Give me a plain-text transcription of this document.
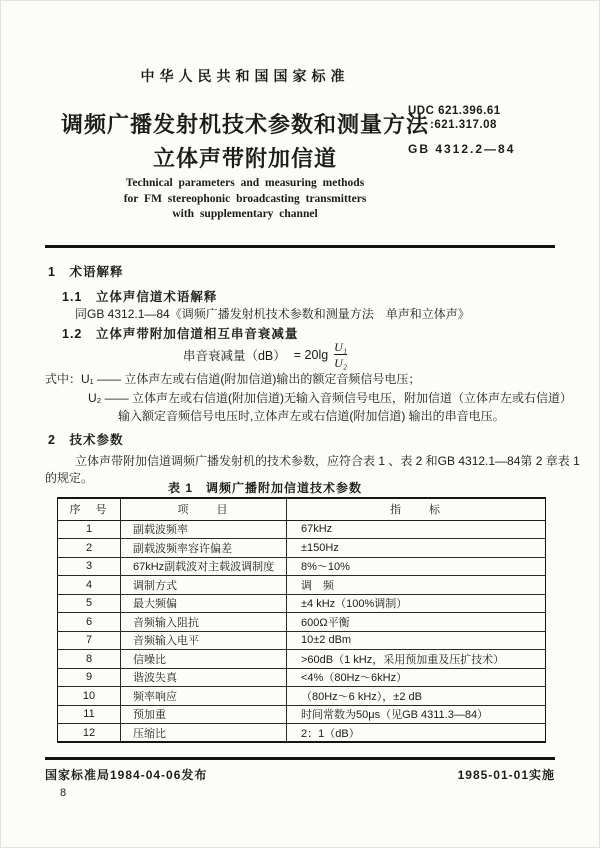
中华人民共和国国家标准
调频广播发射机技术参数和测量方法
立体声带附加信道
UDC 621.396.61
:621.317.08
GB 4312.2—84
Technical parameters and measuring methods
for FM stereophonic broadcasting transmitters
with supplementary channel
1　术语解释
1.1　立体声信道术语解释
同GB 4312.1—84《调频广播发射机技术参数和测量方法　单声和立体声》
1.2　立体声带附加信道相互串音衰减量
串音衰减量$(dB) = 20\lg \frac{\text{U₁}}{\text{U₂}}$
式中：U₁ —— 立体声左或右信道(附加信道)输出的额定音频信号电压；
U₂ —— 立体声左或右信道(附加信道)无输入音频信号电压，附加信道（立体声左或右信道）
输入额定音频信号电压时,立体声左或右信道(附加信道) 输出的串音电压。
2　技术参数
立体声带附加信道调频广播发射机的技术参数，应符合表 1 、表 2 和GB 4312.1—84第 2 章表 1
的规定。
表 1　调频广播附加信道技术参数
序　号	项　　目	指　　标
1	副载波频率	67kHz
2	副载波频率容许偏差	±150Hz
3	67kHz副载波对主载波调制度	8%～10%
4	调制方式	调　频
5	最大频偏	±4 kHz（100%调制）
6	音频输入阻抗	600Ω平衡
7	音频输入电平	10±2 dBm
8	信噪比	>60dB（1 kHz，采用预加重及压扩技术）
9	谐波失真	<4%（80Hz～6kHz）
10	频率响应	（80Hz～6 kHz），±2 dB
11	预加重	时间常数为50μs（见GB 4311.3—84）
12	压缩比	2：1（dB）
国家标准局1984-04-06发布	1985-01-01实施
8
